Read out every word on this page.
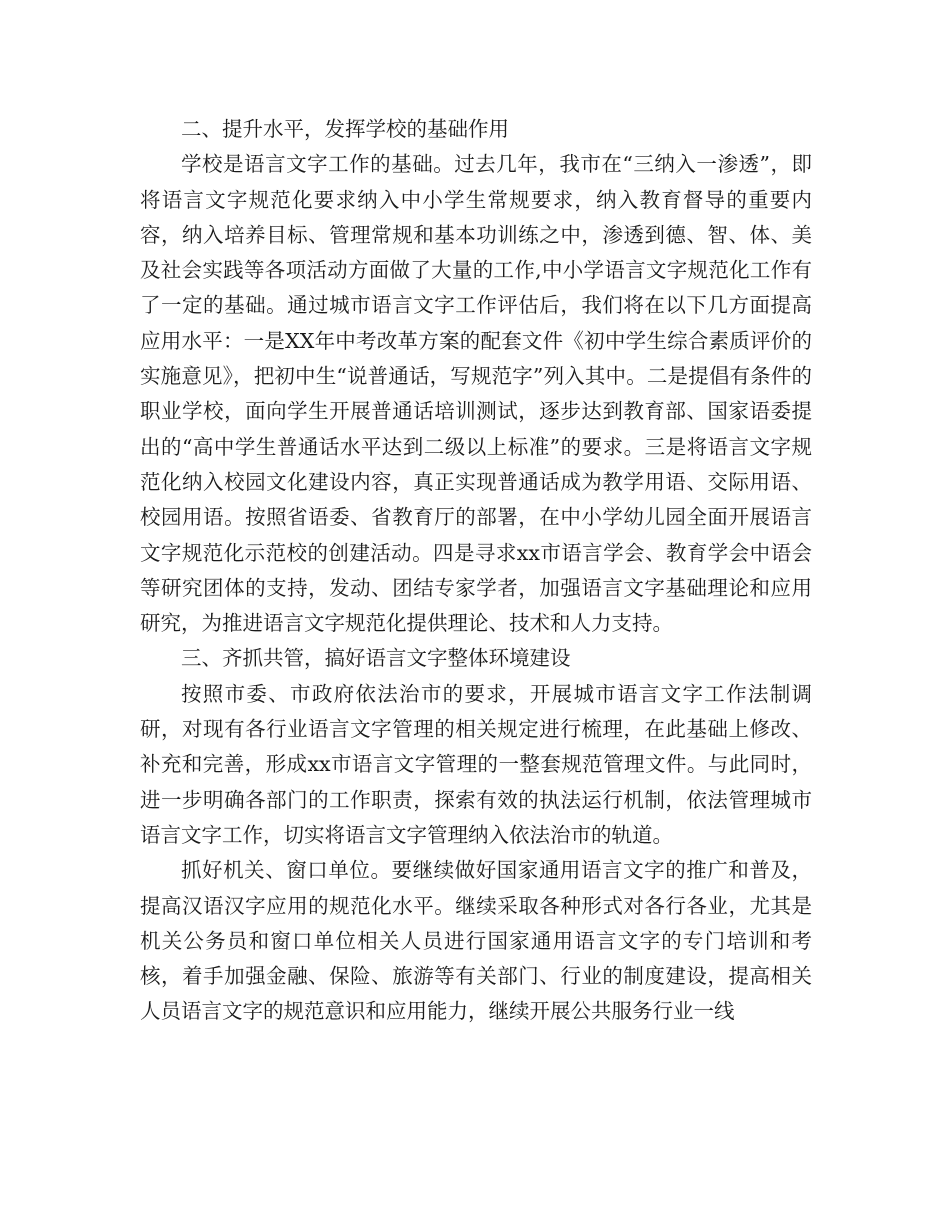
二、提升水平，发挥学校的基础作用

学校是语言文字工作的基础。过去几年，我市在“三纳入一渗透”，即将语言文字规范化要求纳入中小学生常规要求，纳入教育督导的重要内容，纳入培养目标、管理常规和基本功训练之中，渗透到德、智、体、美及社会实践等各项活动方面做了大量的工作,中小学语言文字规范化工作有了一定的基础。通过城市语言文字工作评估后，我们将在以下几方面提高应用水平：一是XX年中考改革方案的配套文件《初中学生综合素质评价的实施意见》，把初中生“说普通话，写规范字”列入其中。二是提倡有条件的职业学校，面向学生开展普通话培训测试，逐步达到教育部、国家语委提出的“高中学生普通话水平达到二级以上标准”的要求。三是将语言文字规范化纳入校园文化建设内容，真正实现普通话成为教学用语、交际用语、校园用语。按照省语委、省教育厅的部署，在中小学幼儿园全面开展语言文字规范化示范校的创建活动。四是寻求xx市语言学会、教育学会中语会等研究团体的支持，发动、团结专家学者，加强语言文字基础理论和应用研究，为推进语言文字规范化提供理论、技术和人力支持。

三、齐抓共管，搞好语言文字整体环境建设

按照市委、市政府依法治市的要求，开展城市语言文字工作法制调研，对现有各行业语言文字管理的相关规定进行梳理，在此基础上修改、补充和完善，形成xx市语言文字管理的一整套规范管理文件。与此同时，进一步明确各部门的工作职责，探索有效的执法运行机制，依法管理城市语言文字工作，切实将语言文字管理纳入依法治市的轨道。

抓好机关、窗口单位。要继续做好国家通用语言文字的推广和普及，提高汉语汉字应用的规范化水平。继续采取各种形式对各行各业，尤其是机关公务员和窗口单位相关人员进行国家通用语言文字的专门培训和考核，着手加强金融、保险、旅游等有关部门、行业的制度建设，提高相关人员语言文字的规范意识和应用能力，继续开展公共服务行业一线
